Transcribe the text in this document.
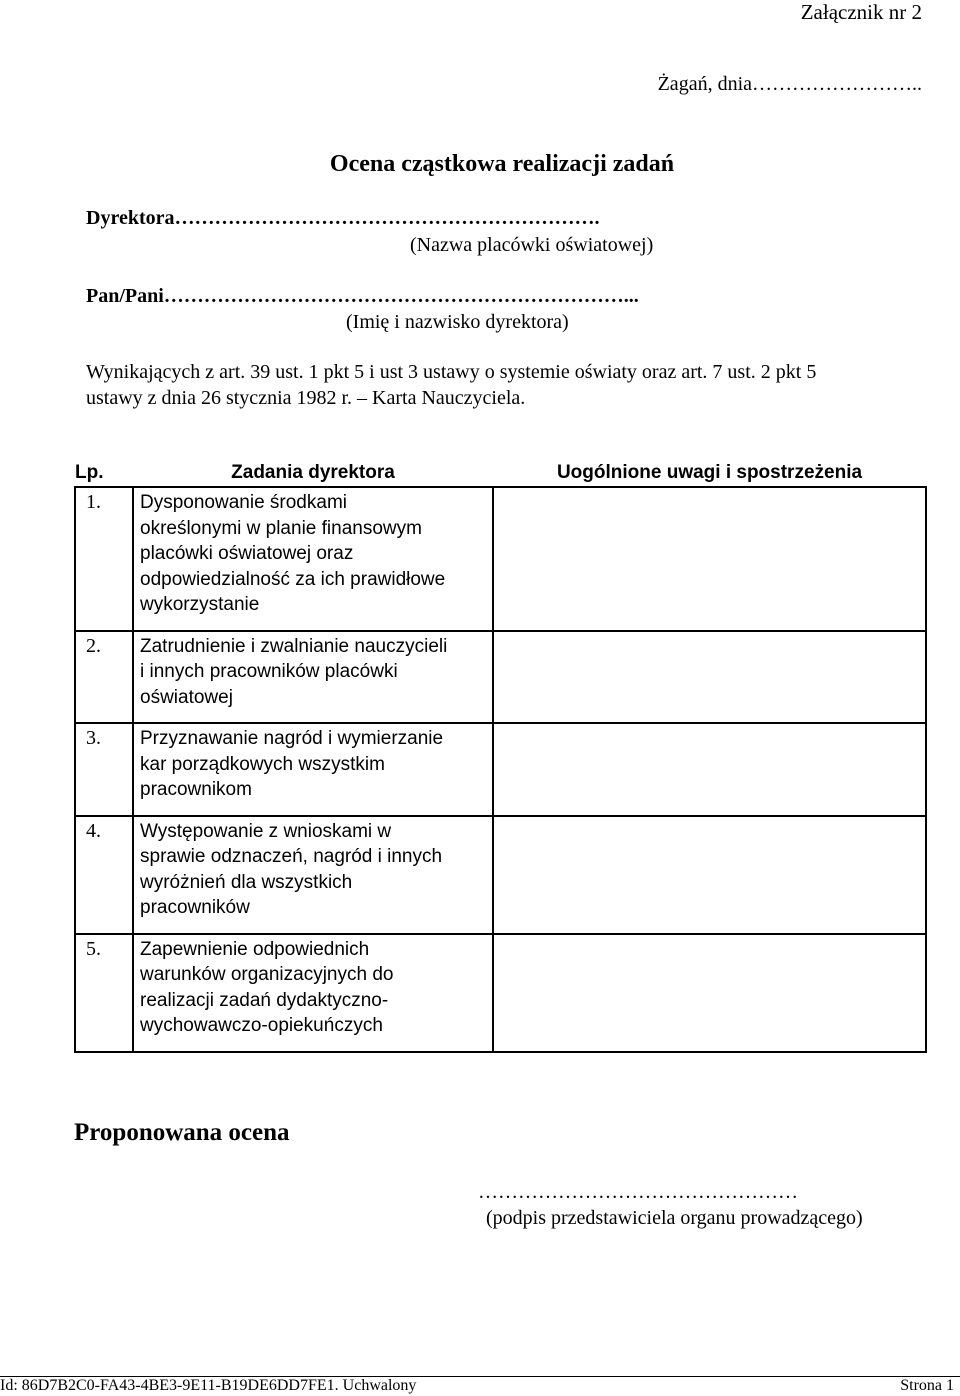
Załącznik nr 2
Żagań, dnia……………………..
Ocena cząstkowa realizacji zadań
Dyrektora……………………………………………………….
(Nazwa placówki oświatowej)
Pan/Pani……………………………………………………………...
(Imię i nazwisko dyrektora)
Wynikających z art. 39 ust. 1 pkt 5 i ust 3 ustawy o systemie oświaty oraz art. 7 ust. 2 pkt 5
ustawy z dnia 26 stycznia 1982 r. – Karta Nauczyciela.
Lp.	Zadania dyrektora	Uogólnione uwagi i spostrzeżenia
1.	Dysponowanie środkami
określonymi w planie finansowym
placówki oświatowej oraz
odpowiedzialność za ich prawidłowe
wykorzystanie	

2.	Zatrudnienie i zwalnianie nauczycieli
i innych pracowników placówki
oświatowej	

3.	Przyznawanie nagród i wymierzanie
kar porządkowych wszystkim
pracownikom	

4.	Występowanie z wnioskami w
sprawie odznaczeń, nagród i innych
wyróżnień dla wszystkich
pracowników	

5.	Zapewnienie odpowiednich
warunków organizacyjnych do
realizacji zadań dydaktyczno-
wychowawczo-opiekuńczych	

Proponowana ocena
…………………………………………
(podpis przedstawiciela organu prowadzącego)
Id: 86D7B2C0-FA43-4BE3-9E11-B19DE6DD7FE1. Uchwalony	Strona 1
